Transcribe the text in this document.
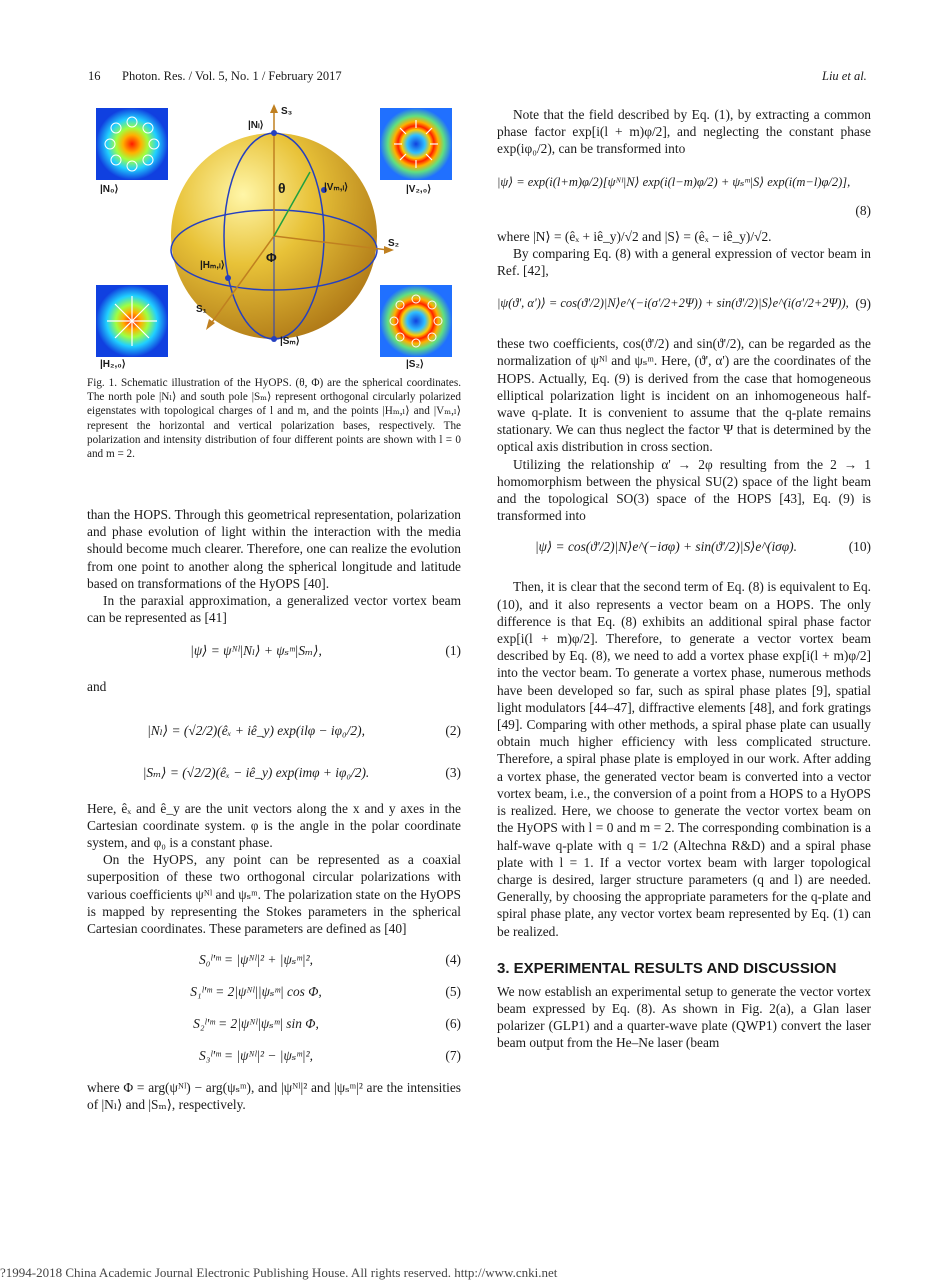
16 Photon. Res. / Vol. 5, No. 1 / February 2017	Liu et al.
|N₀⟩	|V₂,₀⟩
|H₂,₀⟩	|S₂⟩
S₃
S₂
S₁
|Nₗ⟩
|Vₘ,ₗ⟩
|Hₘ,ₗ⟩
|Sₘ⟩
θ
Φ
Fig. 1. Schematic illustration of the HyOPS. (θ, Φ) are the spherical coordinates. The north pole |Nₗ⟩ and south pole |Sₘ⟩ represent orthogonal circularly polarized eigenstates with topological charges of l and m, and the points |Hₘ,ₗ⟩ and |Vₘ,ₗ⟩ represent the horizontal and vertical polarization bases, respectively. The polarization and intensity distribution of four different points are shown with l = 0 and m = 2.

than the HOPS. Through this geometrical representation, polarization and phase evolution of light within the interaction with the media should become much clearer. Therefore, one can realize the evolution from one point to another along the spherical longitude and latitude based on transformations of the HyOPS [40].

In the paraxial approximation, a generalized vector vortex beam can be represented as [41]

|ψ⟩ = ψᴺˡ|Nₗ⟩ + ψₛᵐ|Sₘ⟩,	(1)

and

|Nₗ⟩ = (√2/2)(êₓ + iê_y) exp(ilφ − iφ₀/2),	(2)
|Sₘ⟩ = (√2/2)(êₓ − iê_y) exp(imφ + iφ₀/2).	(3)

Here, êₓ and ê_y are the unit vectors along the x and y axes in the Cartesian coordinate system. φ is the angle in the polar coordinate system, and φ₀ is a constant phase.

On the HyOPS, any point can be represented as a coaxial superposition of these two orthogonal circular polarizations with various coefficients ψᴺˡ and ψₛᵐ. The polarization state on the HyOPS is mapped by representing the Stokes parameters in the spherical Cartesian coordinates. These parameters are defined as [40]

S₀ˡ'ᵐ = |ψᴺˡ|² + |ψₛᵐ|²,	(4)
S₁ˡ'ᵐ = 2|ψᴺˡ||ψₛᵐ| cos Φ,	(5)
S₂ˡ'ᵐ = 2|ψᴺˡ|ψₛᵐ| sin Φ,	(6)
S₃ˡ'ᵐ = |ψᴺˡ|² − |ψₛᵐ|²,	(7)

where Φ = arg(ψᴺˡ) − arg(ψₛᵐ), and |ψᴺˡ|² and |ψₛᵐ|² are the intensities of |Nₗ⟩ and |Sₘ⟩, respectively.

Note that the field described by Eq. (1), by extracting a common phase factor exp[i(l + m)φ/2], and neglecting the constant phase exp(iφ₀/2), can be transformed into

|ψ⟩ = exp(i(l+m)φ/2)[ψᴺˡ|N⟩ exp(i(l−m)φ/2) + ψₛᵐ|S⟩ exp(i(m−l)φ/2)],
(8)

where |N⟩ = (êₓ + iê_y)/√2 and |S⟩ = (êₓ − iê_y)/√2.

By comparing Eq. (8) with a general expression of vector beam in Ref. [42],

|ψ(ϑ', α')⟩ = cos(ϑ'/2)|N⟩e^(−i(σ'/2+2Ψ)) + sin(ϑ'/2)|S⟩e^(i(σ'/2+2Ψ)), (9)

these two coefficients, cos(ϑ'/2) and sin(ϑ'/2), can be regarded as the normalization of ψᴺˡ and ψₛᵐ. Here, (ϑ', α') are the coordinates of the HOPS. Actually, Eq. (9) is derived from the case that homogeneous elliptical polarization light is incident on an inhomogeneous half-wave q-plate. It is convenient to assume that the q-plate remains stationary. We can thus neglect the factor Ψ that is determined by the optical axis distribution in cross section.

Utilizing the relationship α' → 2φ resulting from the 2 → 1 homomorphism between the physical SU(2) space of the light beam and the topological SO(3) space of the HOPS [43], Eq. (9) is transformed into

|ψ⟩ = cos(ϑ'/2)|N⟩e^(−iσφ) + sin(ϑ'/2)|S⟩e^(iσφ).	(10)

Then, it is clear that the second term of Eq. (8) is equivalent to Eq. (10), and it also represents a vector beam on a HOPS. The only difference is that Eq. (8) exhibits an additional spiral phase factor exp[i(l + m)φ/2]. Therefore, to generate a vector vortex beam described by Eq. (8), we need to add a vortex phase exp[i(l + m)φ/2] into the vector beam. To generate a vortex phase, numerous methods have been developed so far, such as spiral phase plates [9], spatial light modulators [44–47], diffractive elements [48], and fork gratings [49]. Comparing with other methods, a spiral phase plate can usually obtain much higher efficiency with less complicated structure. Therefore, a spiral phase plate is employed in our work. After adding a vortex phase, the generated vector beam is converted into a vector vortex beam, i.e., the conversion of a point from a HOPS to a HyOPS is realized. Here, we choose to generate the vector vortex beam on the HyOPS with l = 0 and m = 2. The corresponding combination is a half-wave q-plate with q = 1/2 (Altechna R&D) and a spiral phase plate with l = 1. If a vector vortex beam with larger topological charge is desired, larger structure parameters (q and l) are needed. Generally, by choosing the appropriate parameters for the q-plate and spiral phase plate, any vector vortex beam represented by Eq. (1) can be realized.

3. EXPERIMENTAL RESULTS AND DISCUSSION

We now establish an experimental setup to generate the vector vortex beam expressed by Eq. (8). As shown in Fig. 2(a), a Glan laser polarizer (GLP1) and a quarter-wave plate (QWP1) convert the laser beam output from the He–Ne laser (beam

?1994-2018 China Academic Journal Electronic Publishing House. All rights reserved. http://www.cnki.net
